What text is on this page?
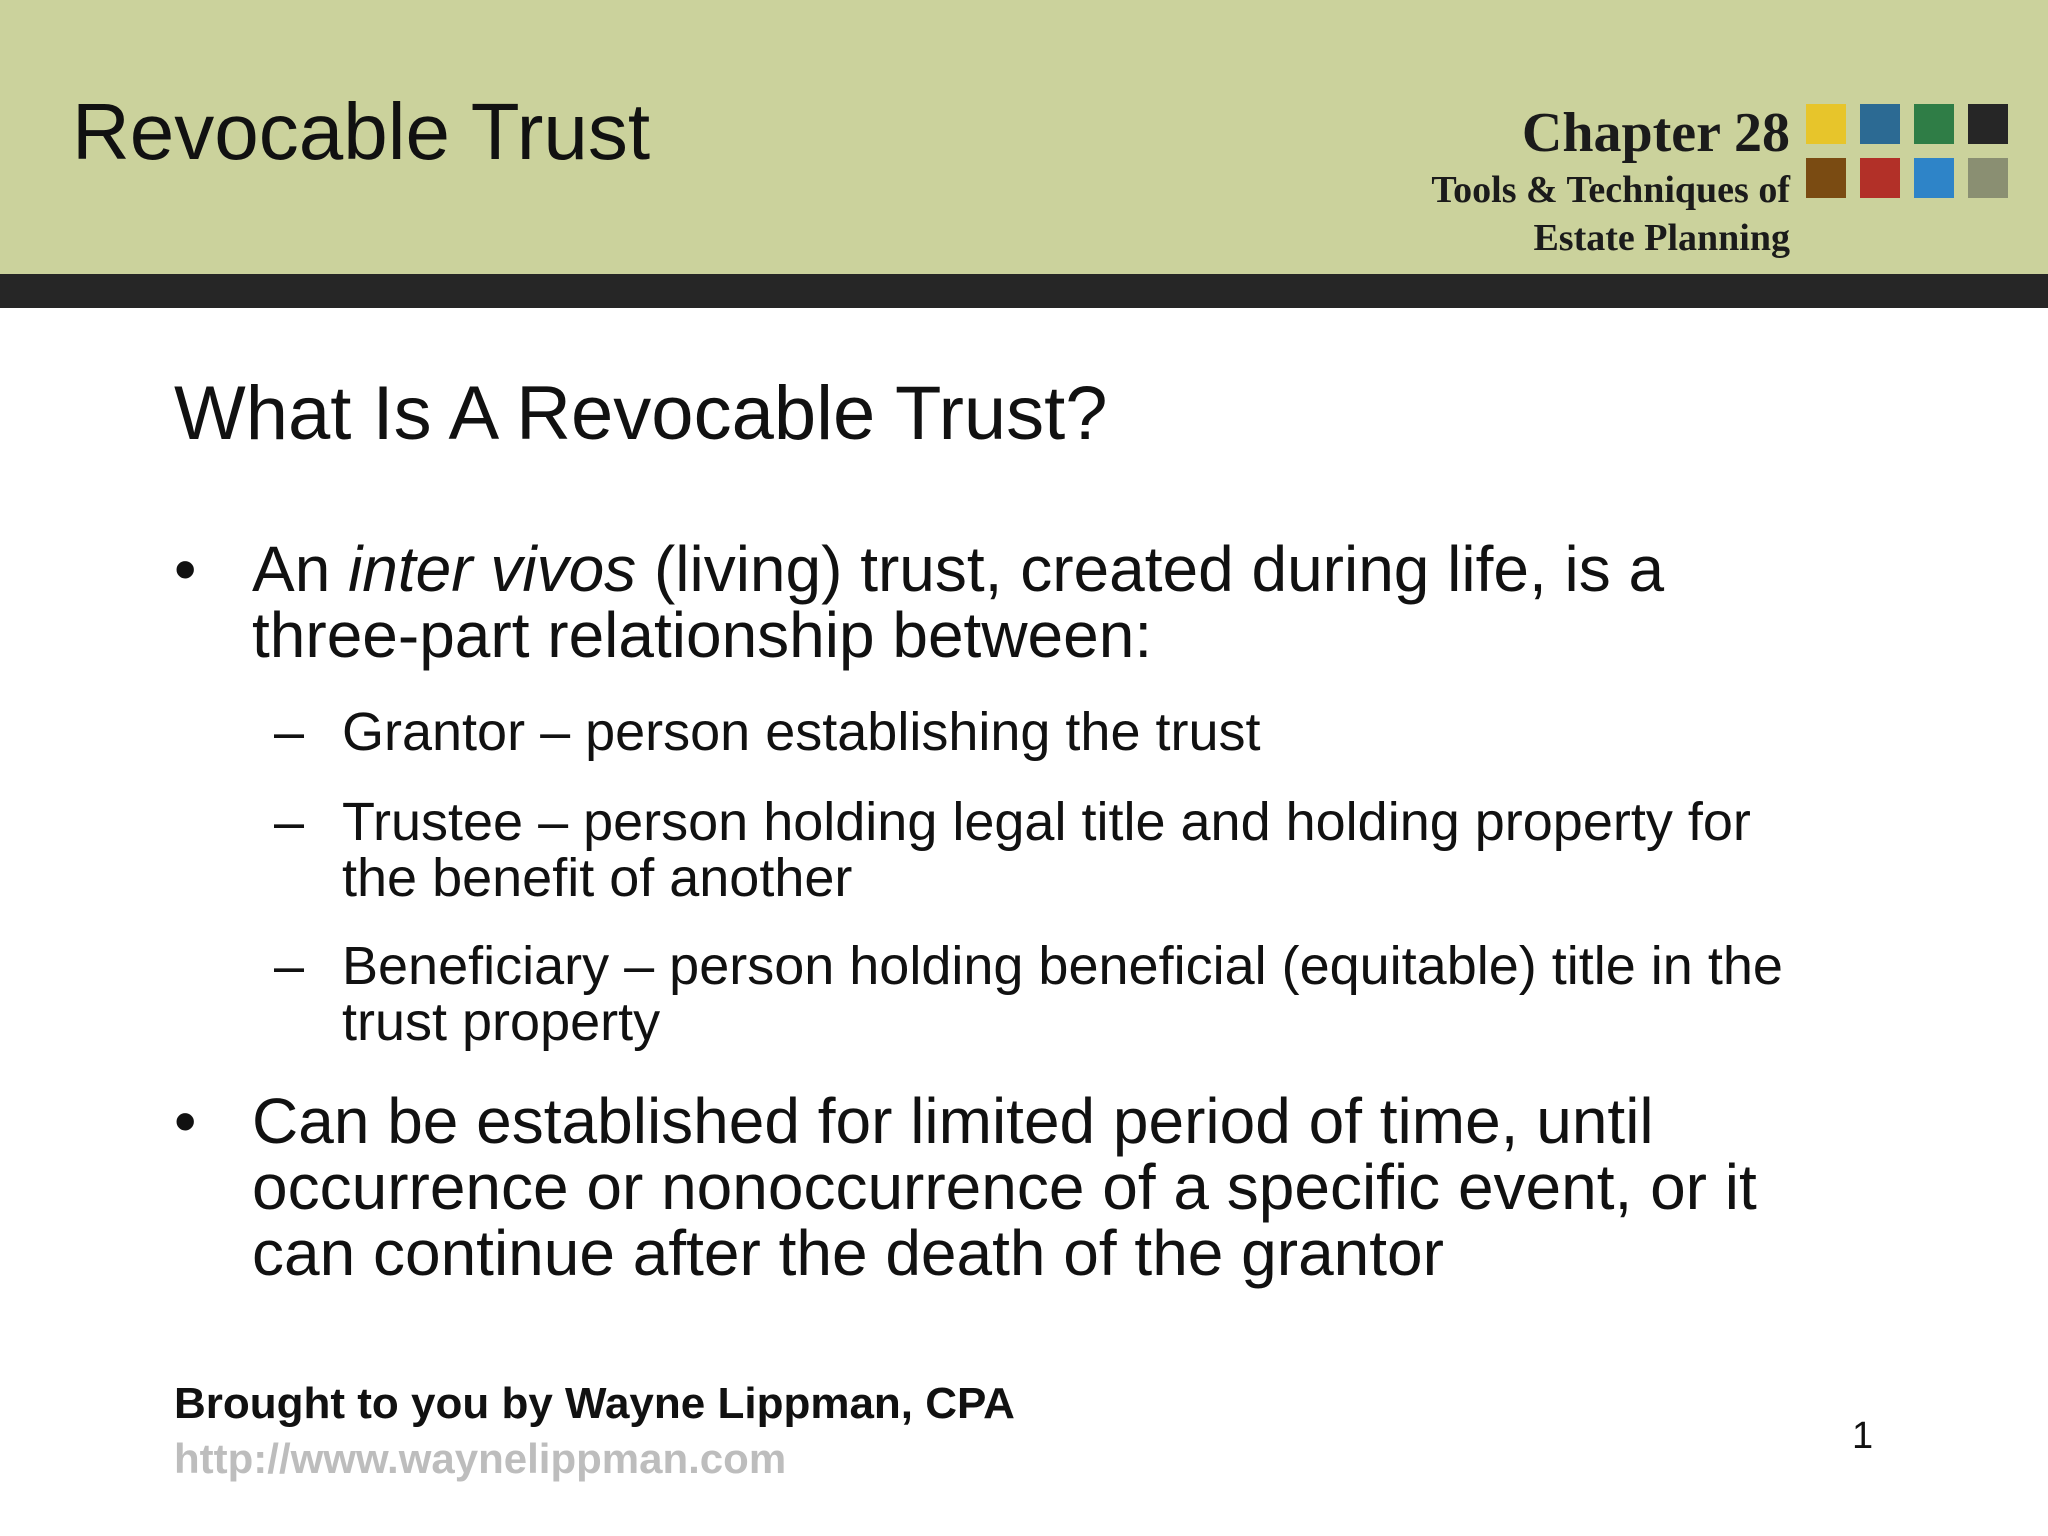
Revocable Trust	Chapter 28
Tools & Techniques of
Estate Planning
What Is A Revocable Trust?
• An inter vivos (living) trust, created during life, is a
three-part relationship between:
– Grantor – person establishing the trust
– Trustee – person holding legal title and holding property for
the benefit of another
– Beneficiary – person holding beneficial (equitable) title in the
trust property
• Can be established for limited period of time, until
occurrence or nonoccurrence of a specific event, or it
can continue after the death of the grantor
Brought to you by Wayne Lippman, CPA
http://www.waynelippman.com	1
